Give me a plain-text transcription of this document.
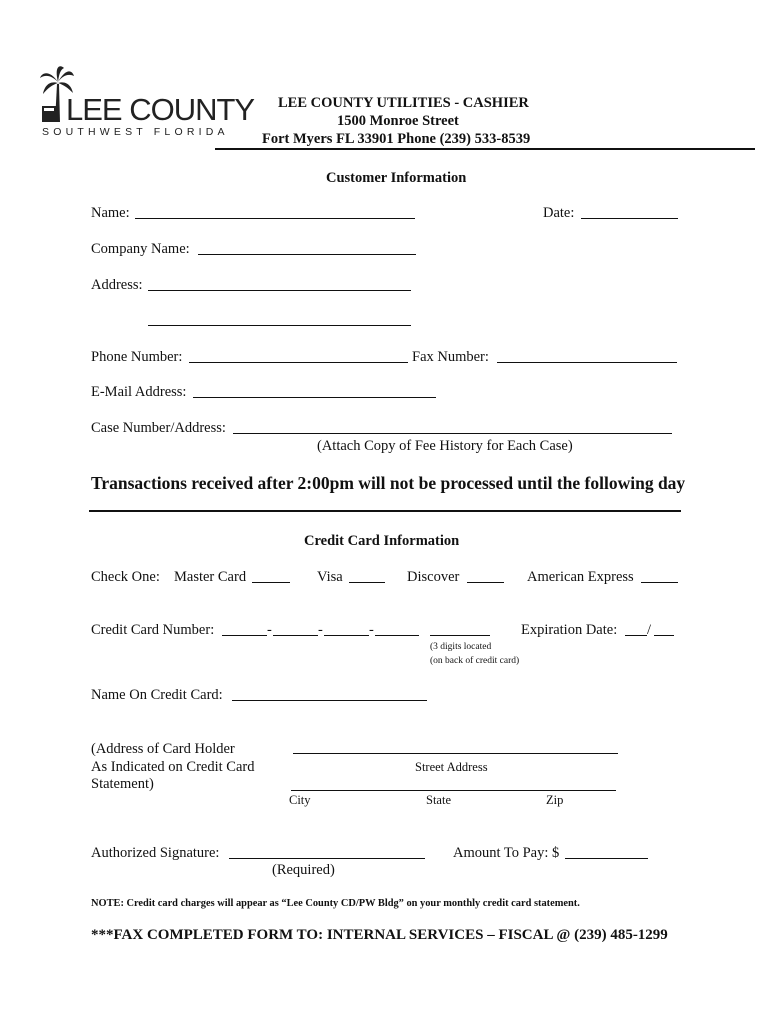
LEE COUNTY
SOUTHWEST FLORIDA
LEE COUNTY UTILITIES - CASHIER
1500 Monroe Street
Fort Myers FL 33901 Phone (239) 533-8539
Customer Information
Name:	Date:
Company Name:
Address:
Phone Number:	Fax Number:
E-Mail Address:
Case Number/Address:
(Attach Copy of Fee History for Each Case)
Transactions received after 2:00pm will not be processed until the following day
Credit Card Information
Check One: Master Card	Visa	Discover	American Express
Credit Card Number:	-	-	-	Expiration Date: /
(3 digits located
(on back of credit card)
Name On Credit Card:
(Address of Card Holder
As Indicated on Credit Card
Statement)
Street Address
City	State	Zip
Authorized Signature:
(Required)
Amount To Pay: $
NOTE: Credit card charges will appear as “Lee County CD/PW Bldg” on your monthly credit card statement.
***FAX COMPLETED FORM TO: INTERNAL SERVICES – FISCAL @ (239) 485-1299
